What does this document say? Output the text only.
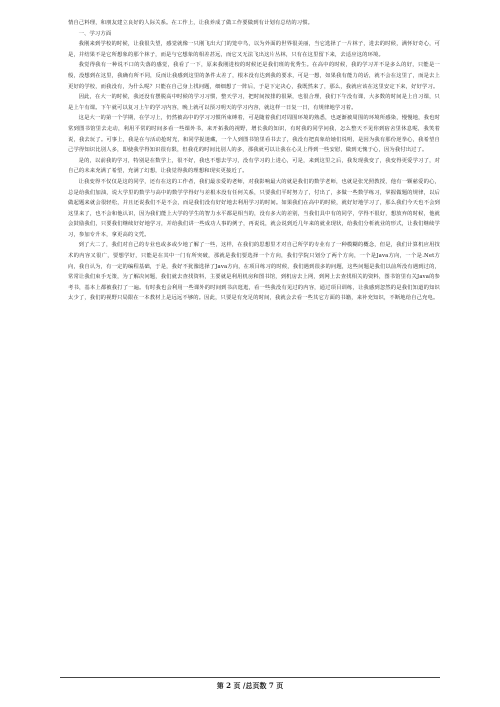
情自己料理，和朋友建立良好的人际关系。在工作上，让我养成了做工作要做到有计划有总结的习惯。

一、学习方面

我刚来到学校的时候，让我很失望，感觉就像一只刚飞出大门的笼中鸟，以为外面的世界很美丽，当它选择了一片林子，进去的时候，满怀好奇心，可是，并结果不是它所想象的那个林子，而是与它想象的相差甚远，而它又无法飞出这片丛林，只有在这里留下来，去适应这的环境。

我觉得我有一种说不口的失落的感觉，我看了一下，原来我刚进校的时候还是我们班的优秀生。在高中的时候，我的学习并不是多么的好，只能是一般，没想到在这里，我确有所不同，反而让我感到这里的条件太差了，根本没有达到我的要求，可是一想，如果我有能力的话，就不会在这里了，而是去上更好的学校，而我没有，为什么呢？只能在自己身上找问题，细细想了一阵后，于是下定决心，我既然来了，那么，我就应该在这里安定下来，好好学习。

因此，在大一的时候，我还没有摆脱高中时候的学习习惯，整天学习，把时间按排的很紧，也很合理，我们下午没有课，大多数的时间是上自习课，只是上午有课。下午就可以复习上午的学习内容，晚上就可以预习明天的学习内容，就这样一日复一日，有规律地学习着。

这是大一的第一个学期，在学习上，仍然被高中的学习习惯所束缚着，可是随着我们对周围环境的熟悉，也逐渐被周围的环境所感染，慢慢地，我也时常到图书馆里去走动，利用平常的时间多看一些课外书，来开拓我的视野，增长我的知识，有时我的同学问我，怎么整天不见你到宿舍里休息呢，我笑着说，我去玩了。可事上，我是在与活动抢时光，和同学捉迷藏，一个人到图书馆里看书去了，我没有把真象给她们说明，是因为我有那份逆拳心，我希望自己学得知识比别人多，即使我学得知识很有限，但我花的时间比别人的多，那我就可以让我在心灵上得到一些安慰，做到无愧于心，因为我付出过了。

是的，以前我的学习，特别是在数学上，很不好，我也不想去学习，没有学习的上进心，可是，来到这里之后，我发现我变了，我变得更爱学习了，对自己的未来充满了希望，充满了幻想，让我觉得我的理想和现实更接近了。

让我变得不仅仅是这的同学，还有在这的工作者，我们最亲爱的老师，对我影响最大的就是我们的数学老师，也就是张光照教授，他有一颗慈爱的心，总是给我们加油，说大学里的数学与高中的数学学得好与差根本没有任何关系，只要我们平时努力了，付出了，多做一些数学练习，掌握做题的规律，以后做起题来就会很轻松，并且还说我们不是不会，而是我们没有好好地去利用学习的时间。如果我们在高中的时候，就好好地学习了，那么我们今天也不会到这里来了，也不会和他认识，因为我们能上大学的学生的智力水平都是相当的，没有多大的差别，当我们具中有的同学，学得不很好，想放弃的时候，他就会鼓励我们，只要我们继续好好地学习，并给我们讲一些成功人事的例子，再说说，就会说到近几年来的就业现状，给我们分析就业的形式，让我们继续学习，参加专升本，拿更高的文凭。

到了大二了，我们对自己的专业也或多或少地了解了一些，这样，在我们的思想里才对自己所学的专业有了一种模糊的概念，但是，我们计算机应用技术的内容又很广，要想学好，只能是在其中一门有所突破，那就是我们要选择一个方向，我们学院只划分了两个方向，一个是Java方向，一个是.Net方向，我自认为，有一定的编程基础，于是，我好不犹豫选择了Java方向，在项目练习的时候，我们遇到很多的问题，这些问题是我们以前所没有遇到过的，常常让我们束手无策，为了解决问题，我们就去查找资料，主要就是利用机房和图书馆，到机房去上网，到网上去查找相关的资料，图书馆里有关Java的参考书，基本上都被我打了一遍。有时我也会利用一些课外的时间到书店逛逛，看一些我没有见过的内容，通过项目训练，让我感到忽然的是我们知道的知识太少了，我们的视野只局限在一本教材上是远远不够的。因此，只要是有充足的时间，我就会去看一些其它方面的书籍，来补充知识，不断地给自己充电。

第 2 页 /总页数 7 页
